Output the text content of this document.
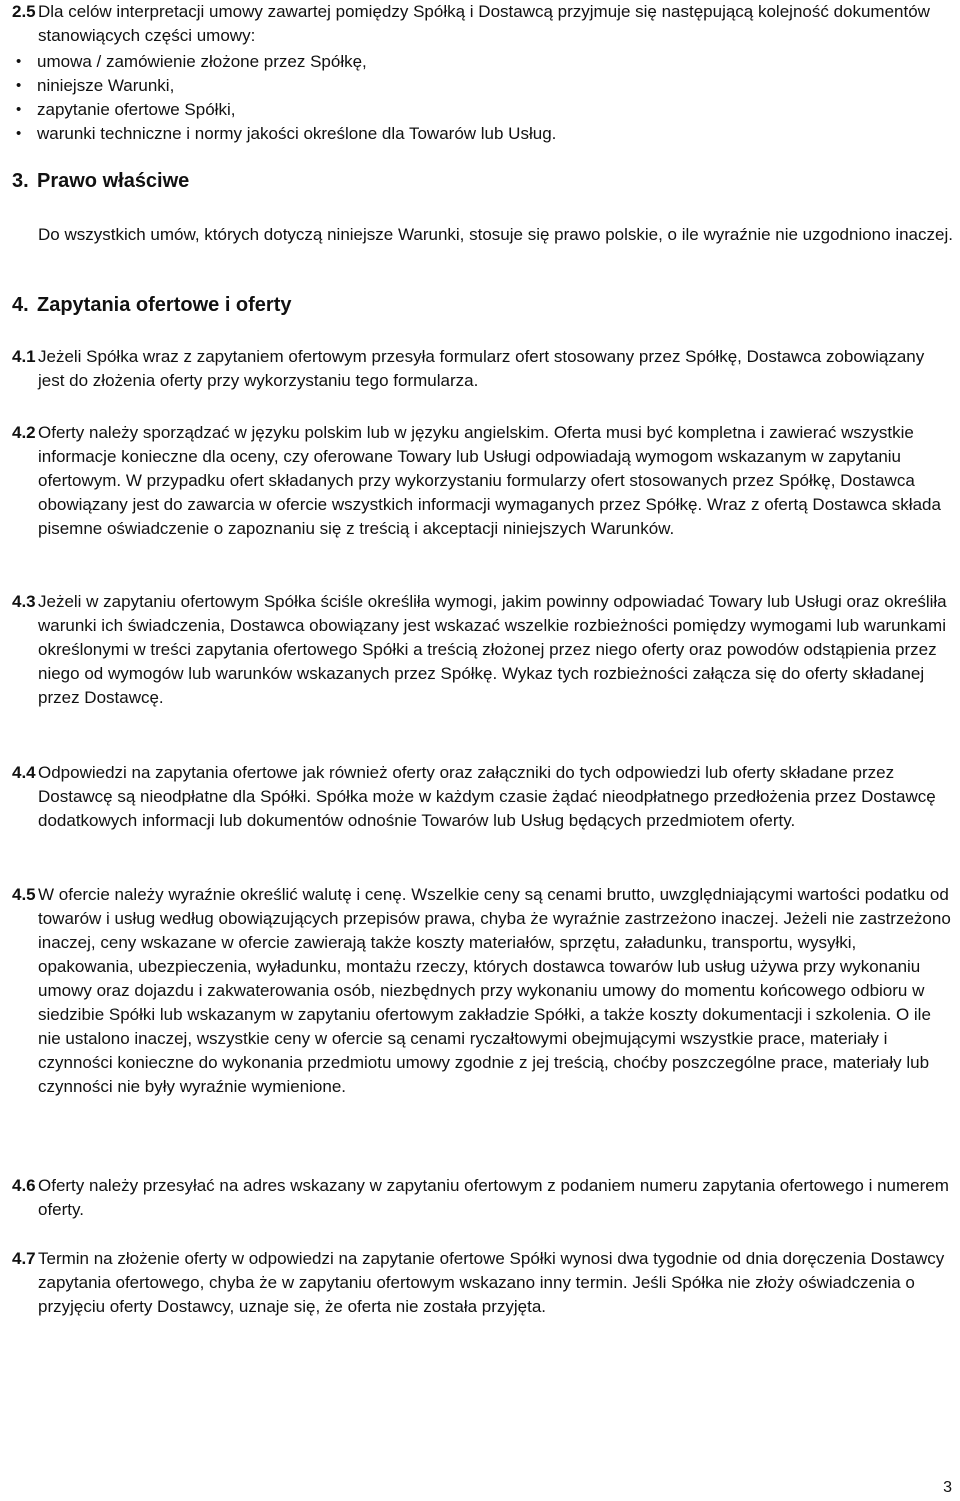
2.5 Dla celów interpretacji umowy zawartej pomiędzy Spółką i Dostawcą przyjmuje się następującą kolejność dokumentów stanowiących części umowy:
• umowa / zamówienie złożone przez Spółkę,
• niniejsze Warunki,
• zapytanie ofertowe Spółki,
• warunki techniczne i normy jakości określone dla Towarów lub Usług.
3. Prawo właściwe
Do wszystkich umów, których dotyczą niniejsze Warunki, stosuje się prawo polskie, o ile wyraźnie nie uzgodniono inaczej.
4. Zapytania ofertowe i oferty
4.1 Jeżeli Spółka wraz z zapytaniem ofertowym przesyła formularz ofert stosowany przez Spółkę, Dostawca zobowiązany jest do złożenia oferty przy wykorzystaniu tego formularza.
4.2 Oferty należy sporządzać w języku polskim lub w języku angielskim. Oferta musi być kompletna i zawierać wszystkie informacje konieczne dla oceny, czy oferowane Towary lub Usługi odpowiadają wymogom wskazanym w zapytaniu ofertowym. W przypadku ofert składanych przy wykorzystaniu formularzy ofert stosowanych przez Spółkę, Dostawca obowiązany jest do zawarcia w ofercie wszystkich informacji wymaganych przez Spółkę. Wraz z ofertą Dostawca składa pisemne oświadczenie o zapoznaniu się z treścią i akceptacji niniejszych Warunków.
4.3 Jeżeli w zapytaniu ofertowym Spółka ściśle określiła wymogi, jakim powinny odpowiadać Towary lub Usługi oraz określiła warunki ich świadczenia, Dostawca obowiązany jest wskazać wszelkie rozbieżności pomiędzy wymogami lub warunkami określonymi w treści zapytania ofertowego Spółki a treścią złożonej przez niego oferty oraz powodów odstąpienia przez niego od wymogów lub warunków wskazanych przez Spółkę. Wykaz tych rozbieżności załącza się do oferty składanej przez Dostawcę.
4.4 Odpowiedzi na zapytania ofertowe jak również oferty oraz załączniki do tych odpowiedzi lub oferty składane przez Dostawcę są nieodpłatne dla Spółki. Spółka może w każdym czasie żądać nieodpłatnego przedłożenia przez Dostawcę dodatkowych informacji lub dokumentów odnośnie Towarów lub Usług będących przedmiotem oferty.
4.5 W ofercie należy wyraźnie określić walutę i cenę. Wszelkie ceny są cenami brutto, uwzględniającymi wartości podatku od towarów i usług według obowiązujących przepisów prawa, chyba że wyraźnie zastrzeżono inaczej. Jeżeli nie zastrzeżono inaczej, ceny wskazane w ofercie zawierają także koszty materiałów, sprzętu, załadunku, transportu, wysyłki, opakowania, ubezpieczenia, wyładunku, montażu rzeczy, których dostawca towarów lub usług używa przy wykonaniu umowy oraz dojazdu i zakwaterowania osób, niezbędnych przy wykonaniu umowy do momentu końcowego odbioru w siedzibie Spółki lub wskazanym w zapytaniu ofertowym zakładzie Spółki, a także koszty dokumentacji i szkolenia. O ile nie ustalono inaczej, wszystkie ceny w ofercie są cenami ryczałtowymi obejmującymi wszystkie prace, materiały i czynności konieczne do wykonania przedmiotu umowy zgodnie z jej treścią, choćby poszczególne prace, materiały lub czynności nie były wyraźnie wymienione.
4.6 Oferty należy przesyłać na adres wskazany w zapytaniu ofertowym z podaniem numeru zapytania ofertowego i numerem oferty.
4.7 Termin na złożenie oferty w odpowiedzi na zapytanie ofertowe Spółki wynosi dwa tygodnie od dnia doręczenia Dostawcy zapytania ofertowego, chyba że w zapytaniu ofertowym wskazano inny termin. Jeśli Spółka nie złoży oświadczenia o przyjęciu oferty Dostawcy, uznaje się, że oferta nie została przyjęta.
3
